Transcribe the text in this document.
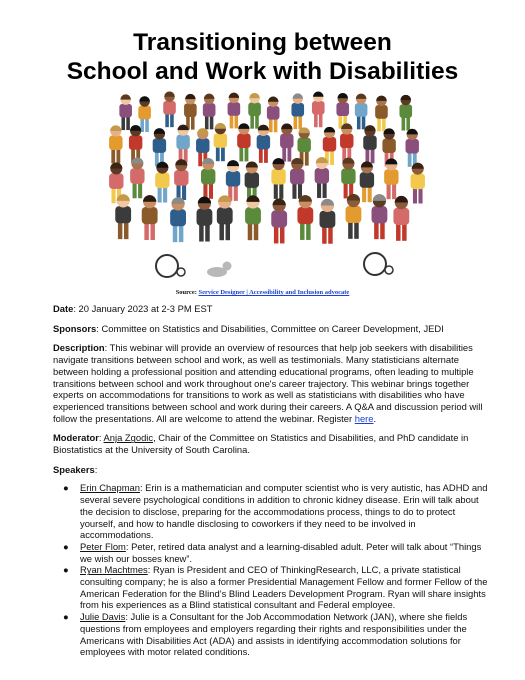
Transitioning between
School and Work with Disabilities
Source: Service Designer | Accessibility and Inclusion advocate

Date: 20 January 2023 at 2-3 PM EST

Sponsors: Committee on Statistics and Disabilities, Committee on Career Development, JEDI

Description: This webinar will provide an overview of resources that help job seekers with disabilities navigate transitions between school and work, as well as testimonials. Many statisticians alternate between holding a professional position and attending educational programs, often leading to multiple transitions between school and work throughout one's career trajectory. This webinar brings together experts on accommodations for transitions to work as well as statisticians with disabilities who have experienced transitions between school and work during their careers. A Q&A and discussion period will follow the presentations. All are welcome to attend the webinar. Register here.

Moderator: Anja Zgodic, Chair of the Committee on Statistics and Disabilities, and PhD candidate in Biostatistics at the University of South Carolina.

Speakers:

● Erin Chapman: Erin is a mathematician and computer scientist who is very autistic, has ADHD and several severe psychological conditions in addition to chronic kidney disease. Erin will talk about the decision to disclose, preparing for the accommodations process, things to do to protect yourself, and how to handle disclosing to coworkers if they need to be involved in accommodations.
● Peter Flom: Peter, retired data analyst and a learning-disabled adult. Peter will talk about “Things we wish our bosses knew”.
● Ryan Machtmes: Ryan is President and CEO of ThinkingResearch, LLC, a private statistical consulting company; he is also a former Presidential Management Fellow and former Fellow of the American Federation for the Blind’s Blind Leaders Development Program. Ryan will share insights from his experiences as a Blind statistical consultant and Federal employee.
● Julie Davis: Julie is a Consultant for the Job Accommodation Network (JAN), where she fields questions from employees and employers regarding their rights and responsibilities under the Americans with Disabilities Act (ADA) and assists in identifying accommodation solutions for employees with motor related conditions.
